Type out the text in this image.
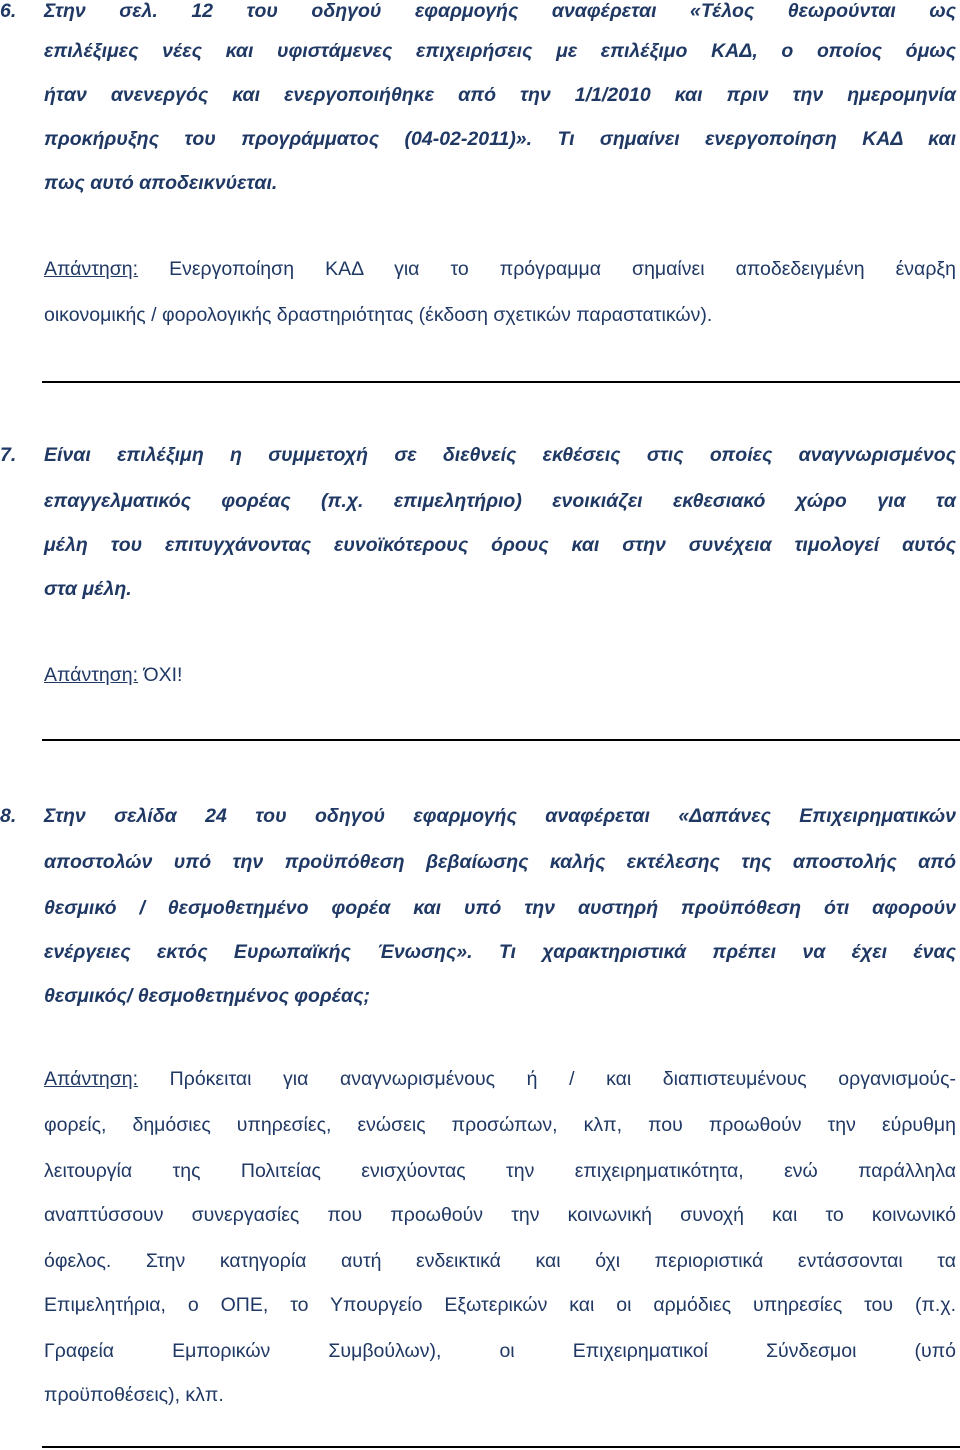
6. Στην σελ. 12 του οδηγού εφαρμογής αναφέρεται «Τέλος θεωρούνται ως
επιλέξιμες νέες και υφιστάμενες επιχειρήσεις με επιλέξιμο ΚΑΔ, ο οποίος όμως
ήταν ανενεργός και ενεργοποιήθηκε από την 1/1/2010 και πριν την ημερομηνία
προκήρυξης του προγράμματος (04-02-2011)». Τι σημαίνει ενεργοποίηση ΚΑΔ και
πως αυτό αποδεικνύεται.
Απάντηση: Ενεργοποίηση ΚΑΔ για το πρόγραμμα σημαίνει αποδεδειγμένη έναρξη
οικονομικής / φορολογικής δραστηριότητας (έκδοση σχετικών παραστατικών).
7. Είναι επιλέξιμη η συμμετοχή σε διεθνείς εκθέσεις στις οποίες αναγνωρισμένος
επαγγελματικός φορέας (π.χ. επιμελητήριο) ενοικιάζει εκθεσιακό χώρο για τα
μέλη του επιτυγχάνοντας ευνοϊκότερους όρους και στην συνέχεια τιμολογεί αυτός
στα μέλη.
Απάντηση: ΌΧΙ!
8. Στην σελίδα 24 του οδηγού εφαρμογής αναφέρεται «Δαπάνες Επιχειρηματικών
αποστολών υπό την προϋπόθεση βεβαίωσης καλής εκτέλεσης της αποστολής από
θεσμικό / θεσμοθετημένο φορέα και υπό την αυστηρή προϋπόθεση ότι αφορούν
ενέργειες εκτός Ευρωπαϊκής Ένωσης». Τι χαρακτηριστικά πρέπει να έχει ένας
θεσμικός/ θεσμοθετημένος φορέας;
Απάντηση: Πρόκειται για αναγνωρισμένους ή / και διαπιστευμένους οργανισμούς-
φορείς, δημόσιες υπηρεσίες, ενώσεις προσώπων, κλπ, που προωθούν την εύρυθμη
λειτουργία της Πολιτείας ενισχύοντας την επιχειρηματικότητα, ενώ παράλληλα
αναπτύσσουν συνεργασίες που προωθούν την κοινωνική συνοχή και το κοινωνικό
όφελος. Στην κατηγορία αυτή ενδεικτικά και όχι περιοριστικά εντάσσονται τα
Επιμελητήρια, ο ΟΠΕ, το Υπουργείο Εξωτερικών και οι αρμόδιες υπηρεσίες του (π.χ.
Γραφεία Εμπορικών Συμβούλων), οι Επιχειρηματικοί Σύνδεσμοι (υπό
προϋποθέσεις), κλπ.
